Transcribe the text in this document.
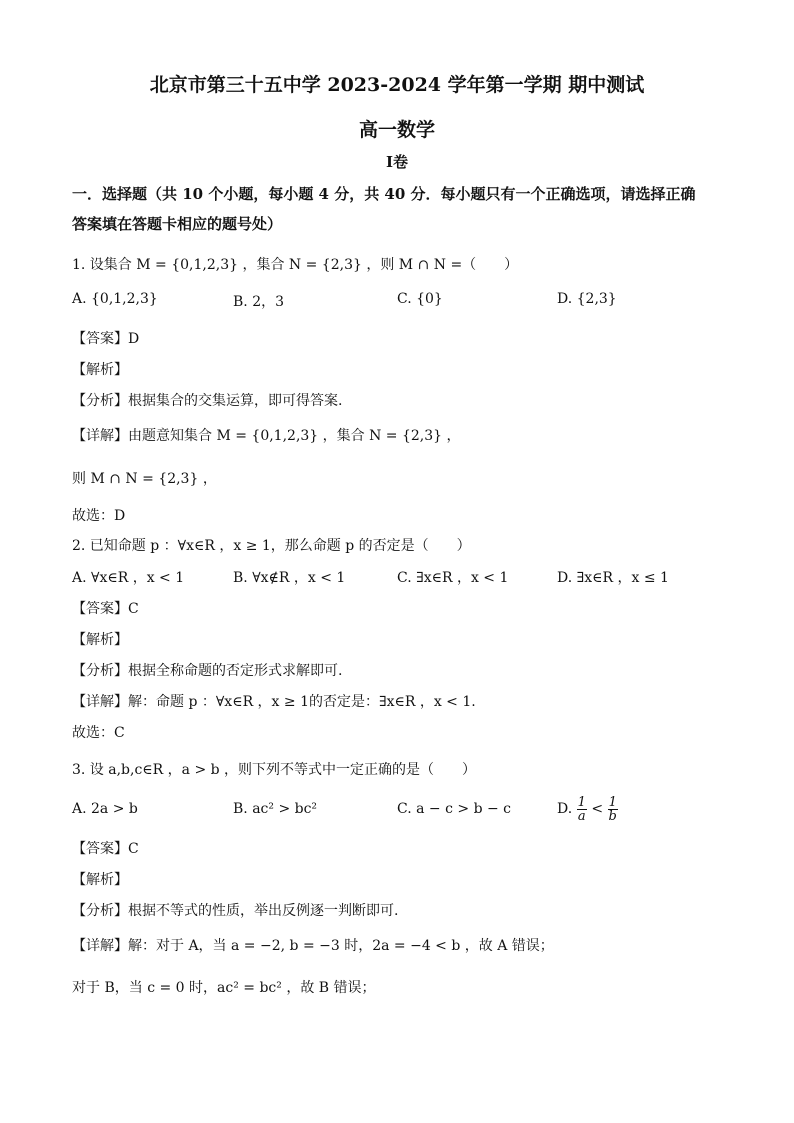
北京市第三十五中学 2023-2024 学年第一学期 期中测试
高一数学
Ⅰ卷
一．选择题（共 10 个小题，每小题 4 分，共 40 分．每小题只有一个正确选项，请选择正确
答案填在答题卡相应的题号处）
1. 设集合 M = {0,1,2,3} ，集合 N = {2,3} ，则 M ∩ N =（　　）
A. {0,1,2,3}	B. 2，3	C. {0}	D. {2,3}
【答案】D
【解析】
【分析】根据集合的交集运算，即可得答案.
【详解】由题意知集合 M = {0,1,2,3} ，集合 N = {2,3} ，
则 M ∩ N = {2,3} ，
故选：D
2. 已知命题 p ：∀x∈R ，x ≥ 1，那么命题 p 的否定是（　　）
A. ∀x∈R ，x < 1	B. ∀x∉R ，x < 1	C. ∃x∈R ，x < 1	D. ∃x∈R ，x ≤ 1
【答案】C
【解析】
【分析】根据全称命题的否定形式求解即可.
【详解】解：命题 p ：∀x∈R ，x ≥ 1的否定是：∃x∈R ，x < 1.
故选：C
3. 设 a,b,c∈R ，a > b ，则下列不等式中一定正确的是（　　）
A. 2a > b	B. ac² > bc²	C. a − c > b − c	D. $\frac{1}{a} < \frac{1}{b}$
【答案】C
【解析】
【分析】根据不等式的性质，举出反例逐一判断即可.
【详解】解：对于 A，当 a = −2, b = −3 时，2a = −4 < b ，故 A 错误；
对于 B，当 c = 0 时，ac² = bc² ，故 B 错误；
